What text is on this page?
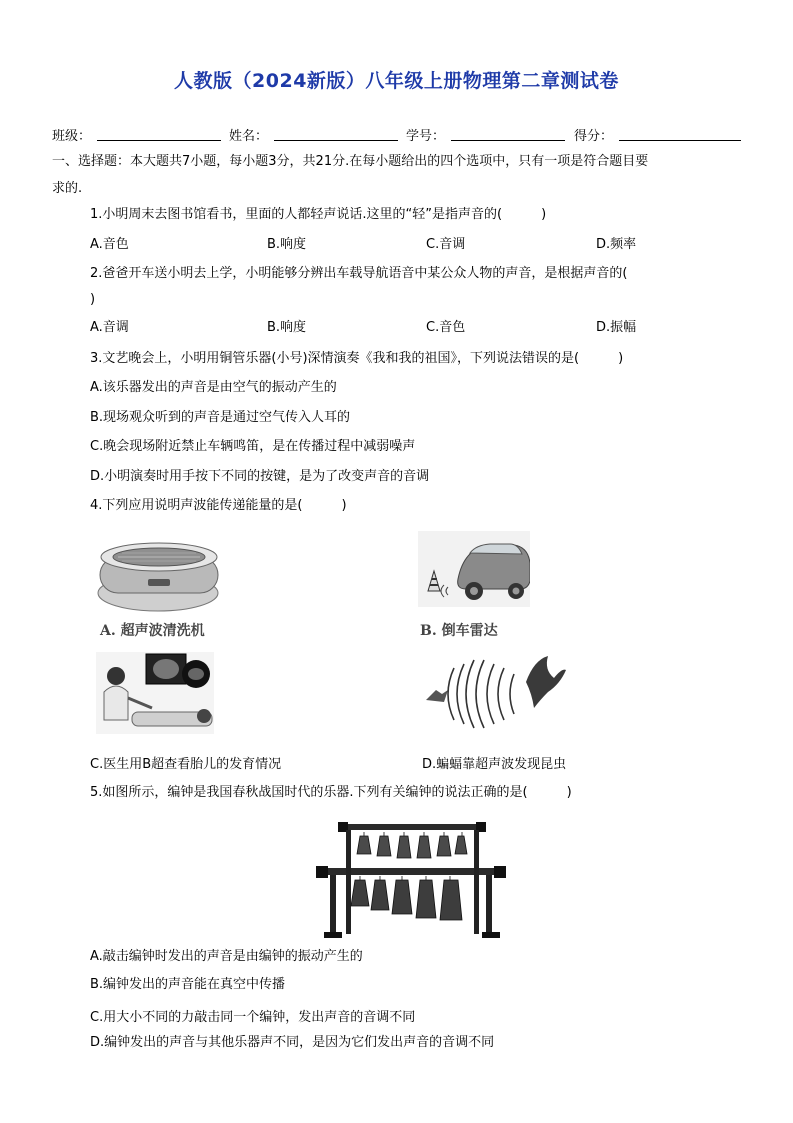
人教版（2024新版）八年级上册物理第二章测试卷
班级：	姓名：	学号：	得分：
一、选择题：本大题共7小题，每小题3分，共21分.在每小题给出的四个选项中，只有一项是符合题目要
求的.
1.小明周末去图书馆看书，里面的人都轻声说话.这里的“轻”是指声音的(　　　)
A.音色	B.响度	C.音调	D.频率
2.爸爸开车送小明去上学，小明能够分辨出车载导航语音中某公众人物的声音，是根据声音的(
)
A.音调	B.响度	C.音色	D.振幅
3.文艺晚会上，小明用铜管乐器(小号)深情演奏《我和我的祖国》，下列说法错误的是(　　　)
A.该乐器发出的声音是由空气的振动产生的
B.现场观众听到的声音是通过空气传入人耳的
C.晚会现场附近禁止车辆鸣笛，是在传播过程中减弱噪声
D.小明演奏时用手按下不同的按键，是为了改变声音的音调
4.下列应用说明声波能传递能量的是(　　　)
A. 超声波清洗机	B. 倒车雷达
C.医生用B超查看胎儿的发育情况	D.蝙蝠靠超声波发现昆虫
5.如图所示，编钟是我国春秋战国时代的乐器.下列有关编钟的说法正确的是(　　　)
A.敲击编钟时发出的声音是由编钟的振动产生的
B.编钟发出的声音能在真空中传播
C.用大小不同的力敲击同一个编钟，发出声音的音调不同
D.编钟发出的声音与其他乐器声不同，是因为它们发出声音的音调不同
